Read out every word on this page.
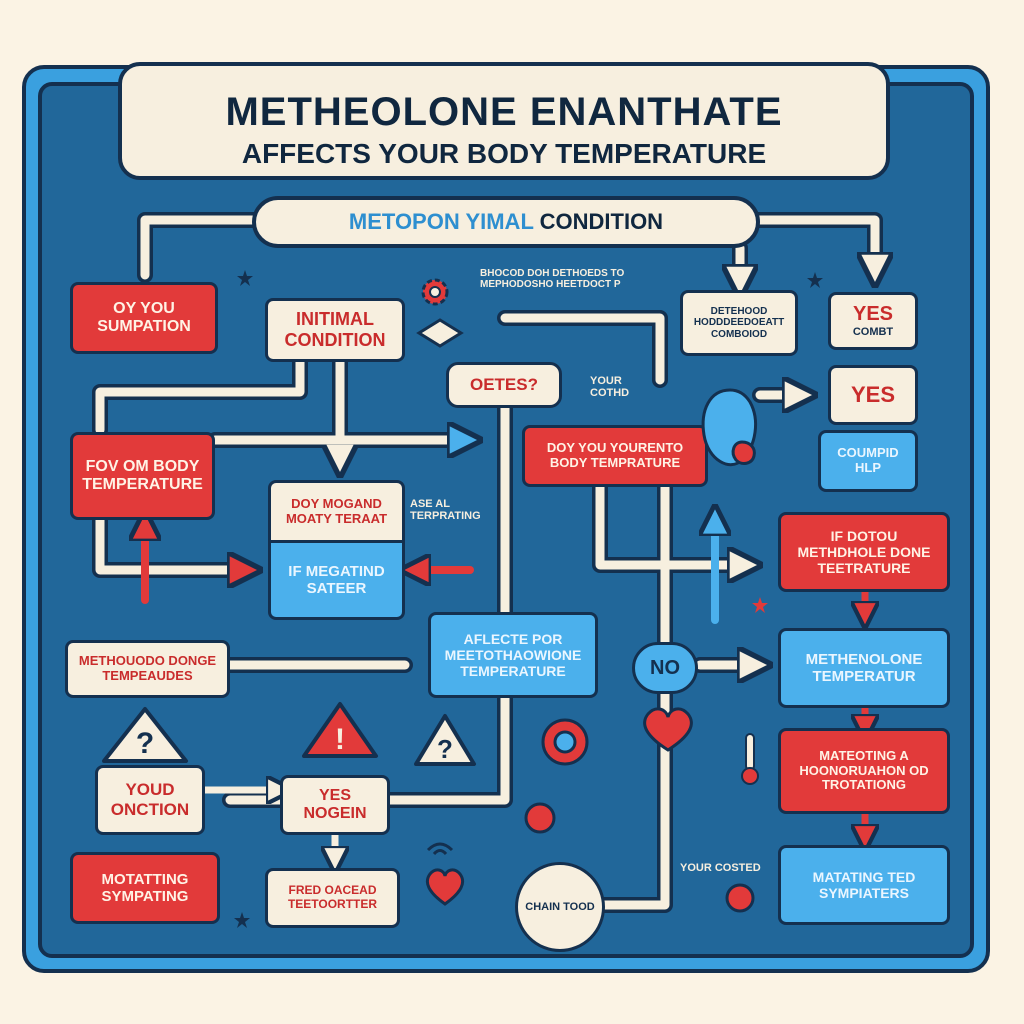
METHEOLONE ENANTHATE
AFFECTS YOUR BODY TEMPERATURE
METOPON YIMAL CONDITION
OY YOU SUMPATION
FOV OM BODY TEMPERATURE
METHOUODO DONGE TEMPEAUDES
YOUD ONCTION
MOTATTING SYMPATING
INITIMAL CONDITION
DOY MOGAND MOATY TERAAT
IF MEGATIND SATEER
YES NOGEIN
FRED OACEAD TEETOORTTER
OETES?
DOY YOU YOURENTO BODY TEMPRATURE
AFLECTE POR MEETOTHAOWIONE TEMPERATURE
DETEHOOD HODDDEEDOEATT COMBOIOD
YES
COMBT
YES
COUMPID HLP
IF DOTOU METHDHOLE DONE TEETRATURE
METHENOLONE TEMPERATUR
MATEOTING A HOONORUAHON OD TROTATIONG
MATATING TED SYMPIATERS
NO
CHAIN TOOD
BHOCOD DOH DETHOEDS TO MEPHODOSHO HEETDOCT P
YOUR COTHD
ASE AL TERPRATING
YOUR COSTED
?	!	?
